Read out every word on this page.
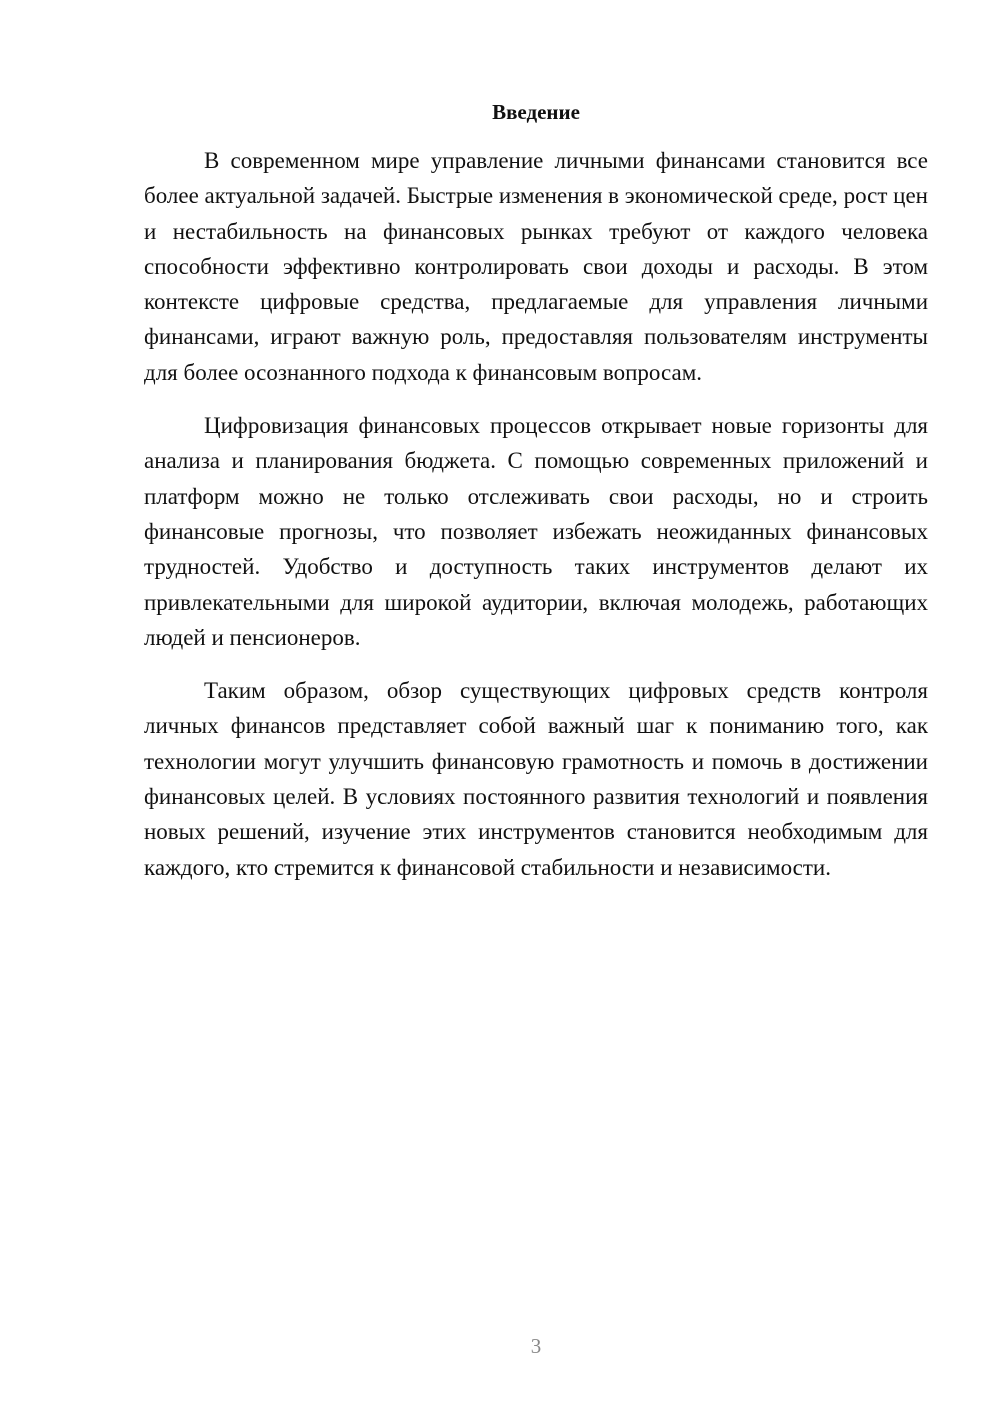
Введение

В современном мире управление личными финансами становится все более актуальной задачей. Быстрые изменения в экономической среде, рост цен и нестабильность на финансовых рынках требуют от каждого человека способности эффективно контролировать свои доходы и расходы. В этом контексте цифровые средства, предлагаемые для управления личными финансами, играют важную роль, предоставляя пользователям инструменты для более осознанного подхода к финансовым вопросам.

Цифровизация финансовых процессов открывает новые горизонты для анализа и планирования бюджета. С помощью современных приложений и платформ можно не только отслеживать свои расходы, но и строить финансовые прогнозы, что позволяет избежать неожиданных финансовых трудностей. Удобство и доступность таких инструментов делают их привлекательными для широкой аудитории, включая молодежь, работающих людей и пенсионеров.

Таким образом, обзор существующих цифровых средств контроля личных финансов представляет собой важный шаг к пониманию того, как технологии могут улучшить финансовую грамотность и помочь в достижении финансовых целей. В условиях постоянного развития технологий и появления новых решений, изучение этих инструментов становится необходимым для каждого, кто стремится к финансовой стабильности и независимости.

3
